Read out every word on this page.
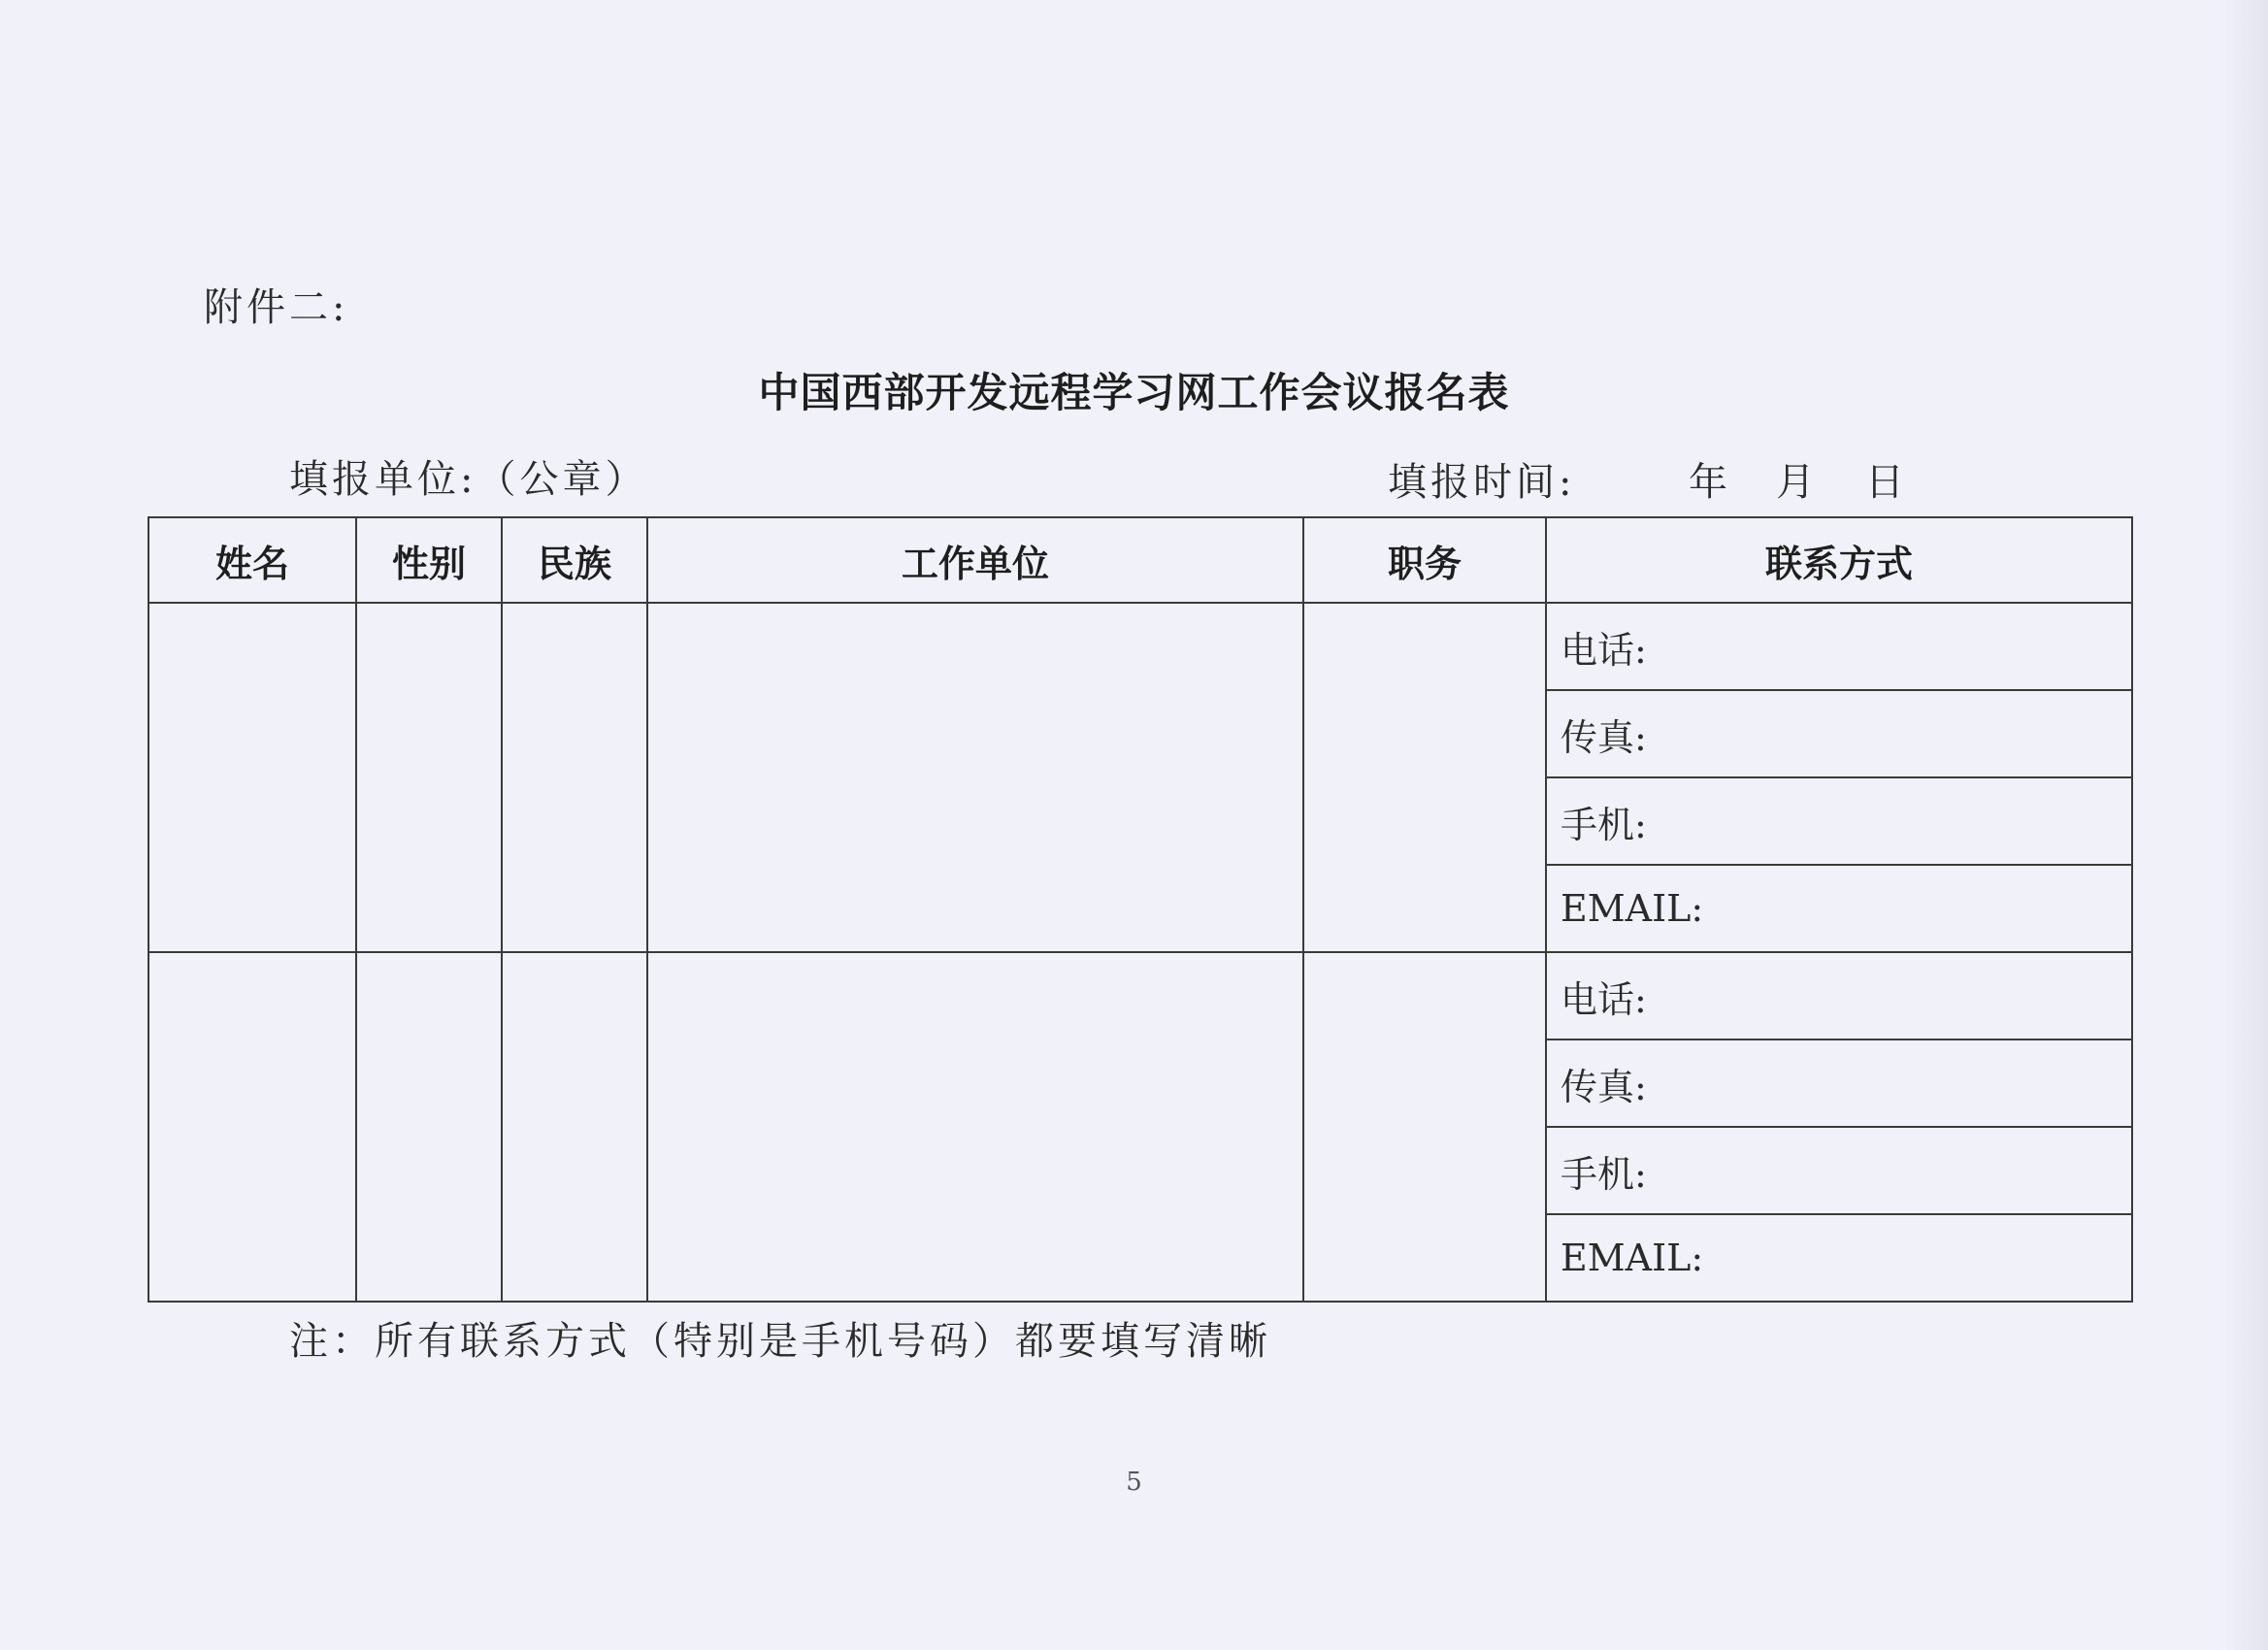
附件二:
中国西部开发远程学习网工作会议报名表
填报单位:（公章）	填报时间:	年 月 日
姓名	性别	民族	工作单位	职务	联系方式
					电话:
					传真:
					手机:
					EMAIL:
					电话:
					传真:
					手机:
					EMAIL:
注：所有联系方式（特别是手机号码）都要填写清晰
5
